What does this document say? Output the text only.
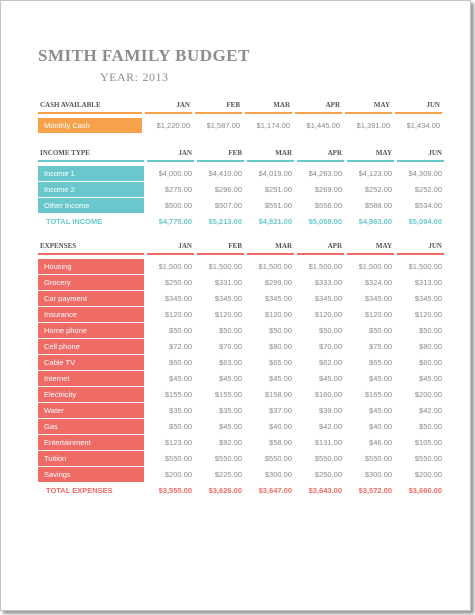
SMITH FAMILY BUDGET
YEAR: 2013
CASH AVAILABLE	JAN	FEB	MAR	APR	MAY	JUN

Monthly Cash	$1,220.00	$1,587.00	$1,174.00	$1,445.00	$1,391.00	$1,434.00
INCOME TYPE	JAN	FEB	MAR	APR	MAY	JUN

Income 1	$4,000.00	$4,410.00	$4,019.00	$4,263.00	$4,123.00	$4,308.00
Income 2	$275.00	$296.00	$251.00	$269.00	$252.00	$252.00
Other Income	$500.00	$507.00	$551.00	$556.00	$588.00	$534.00
TOTAL INCOME	$4,775.00	$5,213.00	$4,821.00	$5,088.00	$4,963.00	$5,094.00
EXPENSES	JAN	FEB	MAR	APR	MAY	JUN

Housing	$1,500.00	$1,500.00	$1,500.00	$1,500.00	$1,500.00	$1,500.00
Grocery	$250.00	$331.00	$299.00	$333.00	$324.00	$313.00
Car payment	$345.00	$345.00	$345.00	$345.00	$345.00	$345.00
Insurance	$120.00	$120.00	$120.00	$120.00	$120.00	$120.00
Home phone	$50.00	$50.00	$50.00	$50.00	$50.00	$50.00
Cell phone	$72.00	$70.00	$80.00	$70.00	$75.00	$80.00
Cable TV	$60.00	$63.00	$65.00	$62.00	$65.00	$60.00
Internet	$45.00	$45.00	$45.00	$45.00	$45.00	$45.00
Electricity	$155.00	$155.00	$158.00	$160.00	$165.00	$200.00
Water	$35.00	$35.00	$37.00	$39.00	$45.00	$42.00
Gas	$50.00	$45.00	$40.00	$42.00	$40.00	$50.00
Entertainment	$123.00	$92.00	$58.00	$131.00	$46.00	$105.00
Tuition	$550.00	$550.00	$550.00	$550.00	$550.00	$550.00
Savings	$200.00	$225.00	$300.00	$250.00	$300.00	$200.00
TOTAL EXPENSES	$3,555.00	$3,626.00	$3,647.00	$3,643.00	$3,572.00	$3,660.00
